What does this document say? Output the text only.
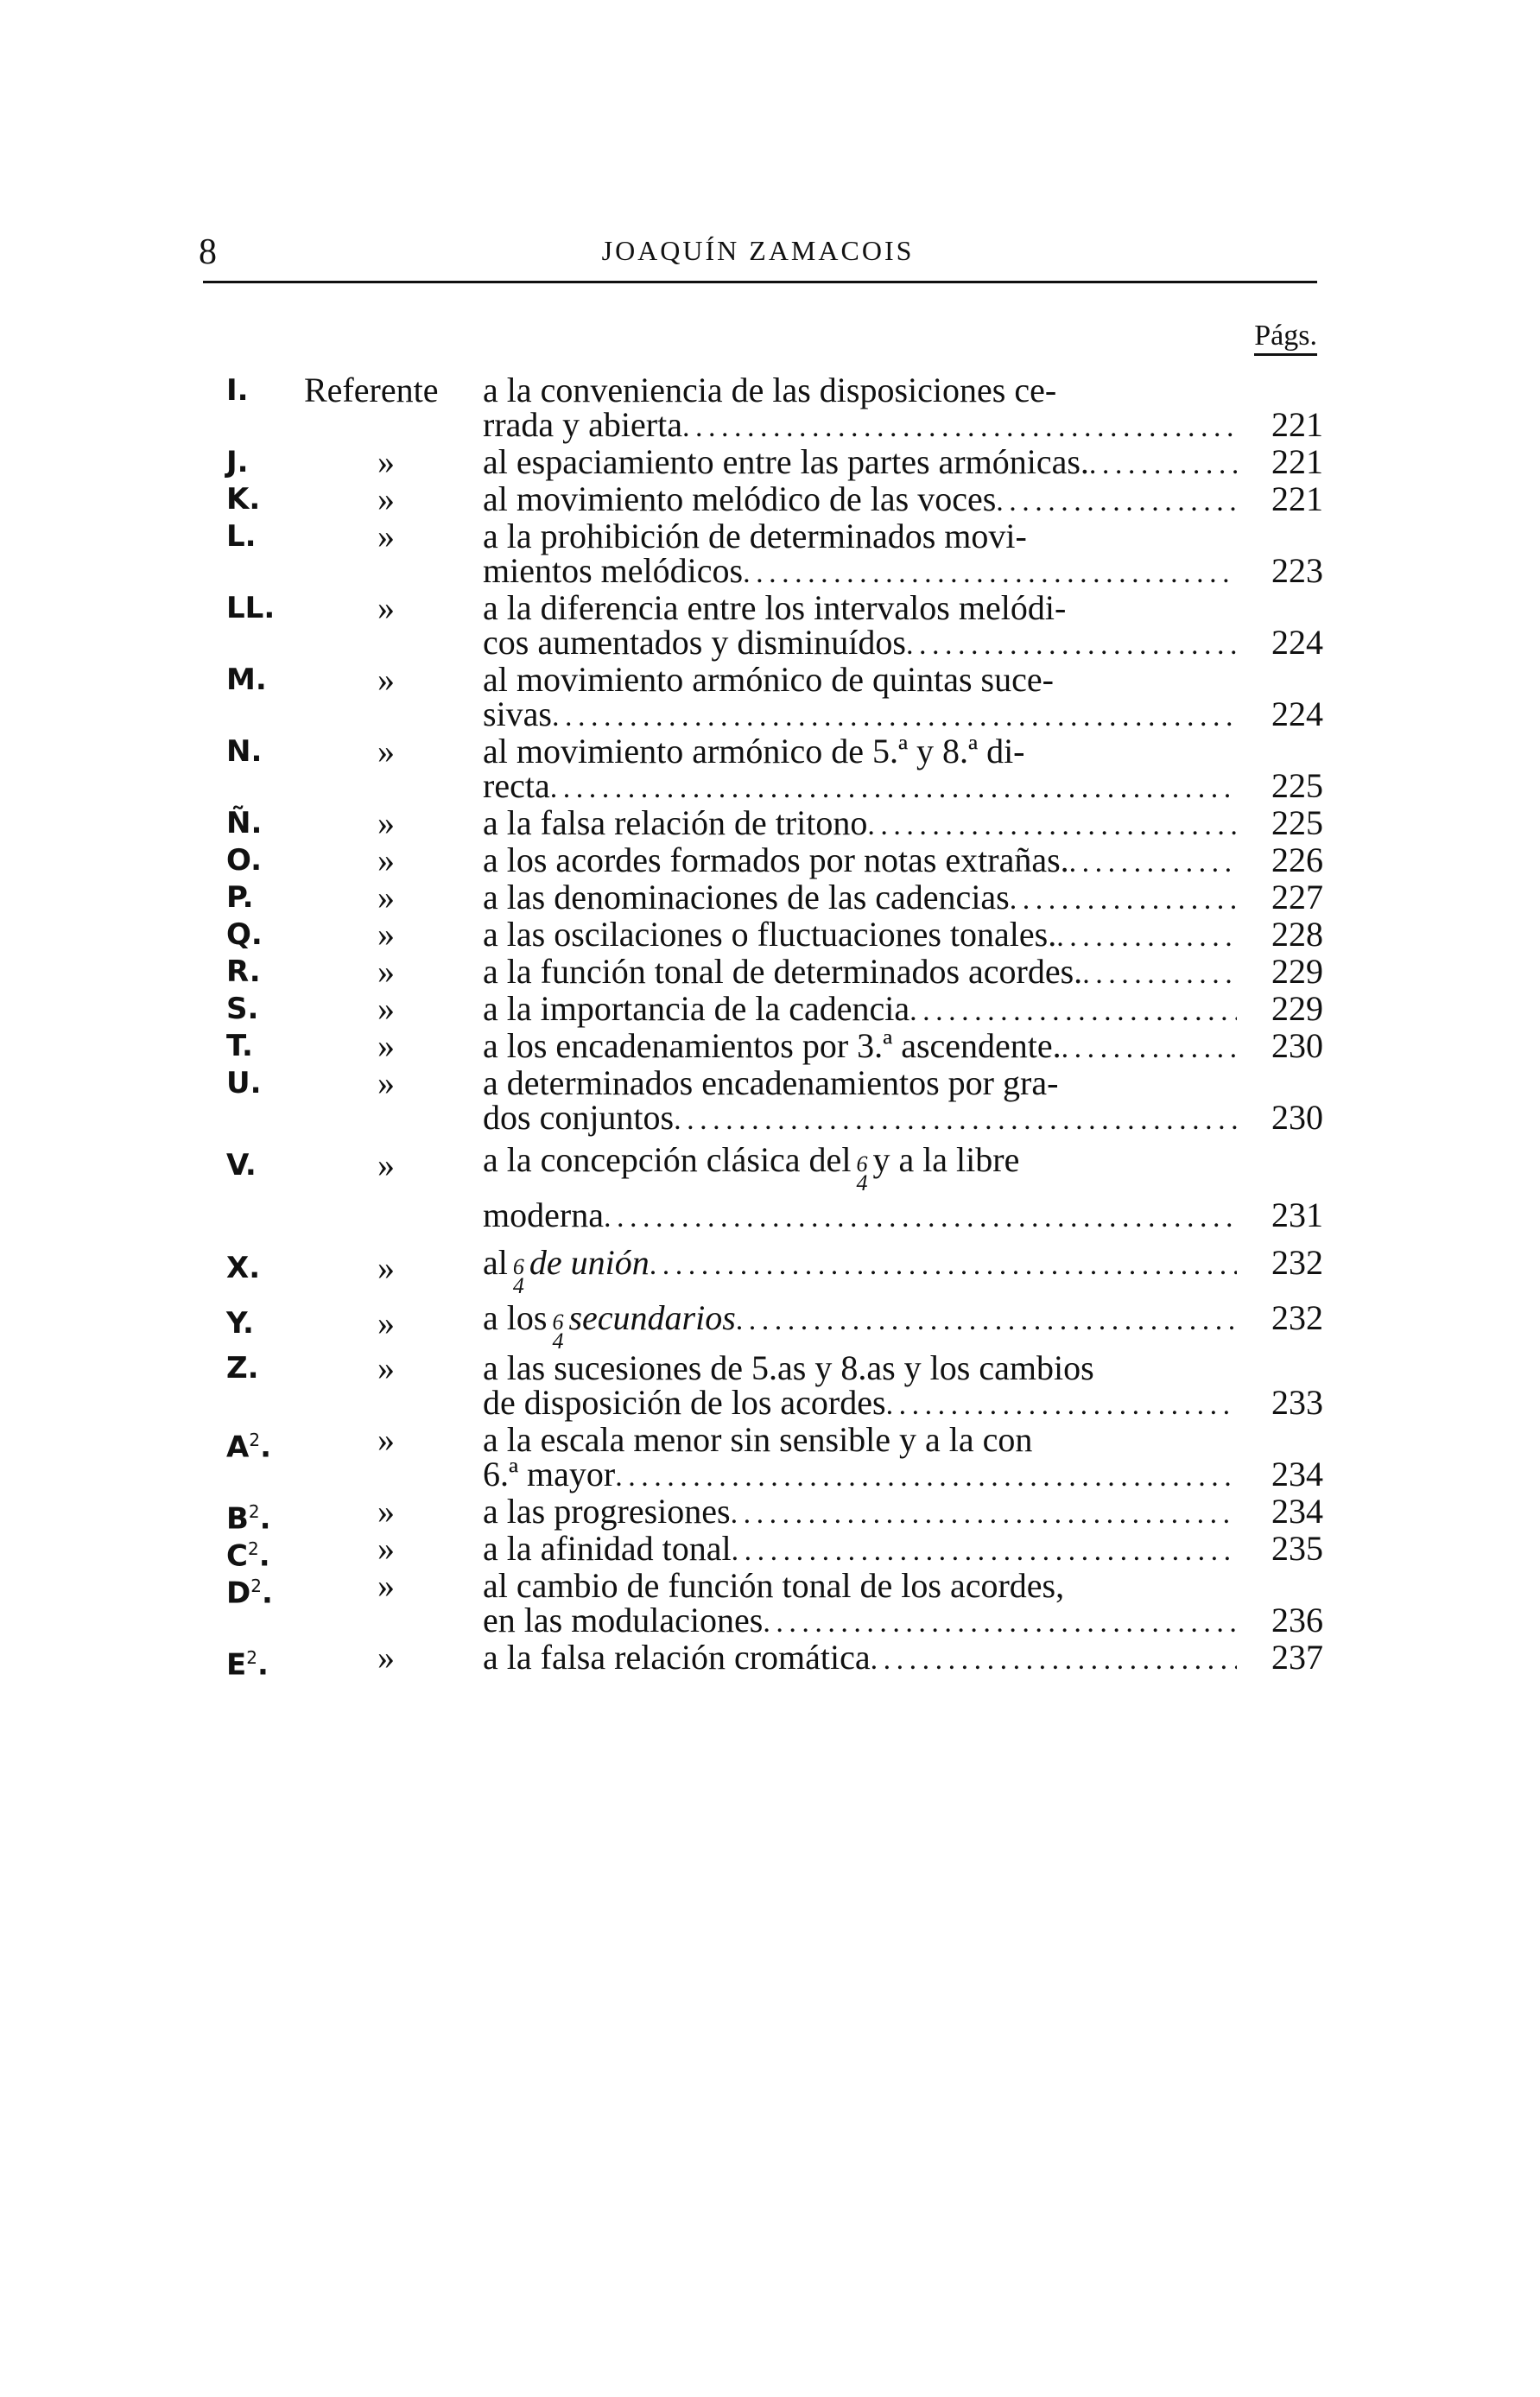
8	JOAQUÍN ZAMACOIS
Págs.
I. Referente	a la conveniencia de las disposiciones ce-
rrada y abierta . . .	221
J.	»	al espaciamiento entre las partes armónicas. . . .	221
K.	»	al movimiento melódico de las voces . . .	221
L.	»	a la prohibición de determinados movi-
mientos melódicos . . .	223
LL.	»	a la diferencia entre los intervalos melódi-
cos aumentados y disminuídos . . .	224
M.	»	al movimiento armónico de quintas suce-
sivas . . .	224
N.	»	al movimiento armónico de 5.ª y 8.ª di-
recta . . .	225
Ñ.	»	a la falsa relación de tritono . . .	225
O.	»	a los acordes formados por notas extrañas. . . .	226
P.	»	a las denominaciones de las cadencias . . .	227
Q.	»	a las oscilaciones o fluctuaciones tonales. . . .	228
R.	»	a la función tonal de determinados acordes. . . .	229
S.	»	a la importancia de la cadencia . . .	229
T.	»	a los encadenamientos por 3.ª ascendente. . . .	230
U.	»	a determinados encadenamientos por gra-
dos conjuntos . . .	230
V.	»	a la concepción clásica del 6
4
y a la libre
moderna . . .	231
X.	»	al 6
4
de unión . . .	232
Y.	»	a los 6
4
secundarios . . .	232
Z.	»	a las sucesiones de 5.as y 8.as y los cambios
de disposición de los acordes . . .	233
$A^2$.	»	a la escala menor sin sensible y a la con
6.ª mayor . . .	234
$B^2$.	»	a las progresiones . . .	234
$C^2$.	»	a la afinidad tonal . . .	235
$D^2$.	»	al cambio de función tonal de los acordes,
en las modulaciones . . .	236
$E^2$.	»	a la falsa relación cromática . . .	237
